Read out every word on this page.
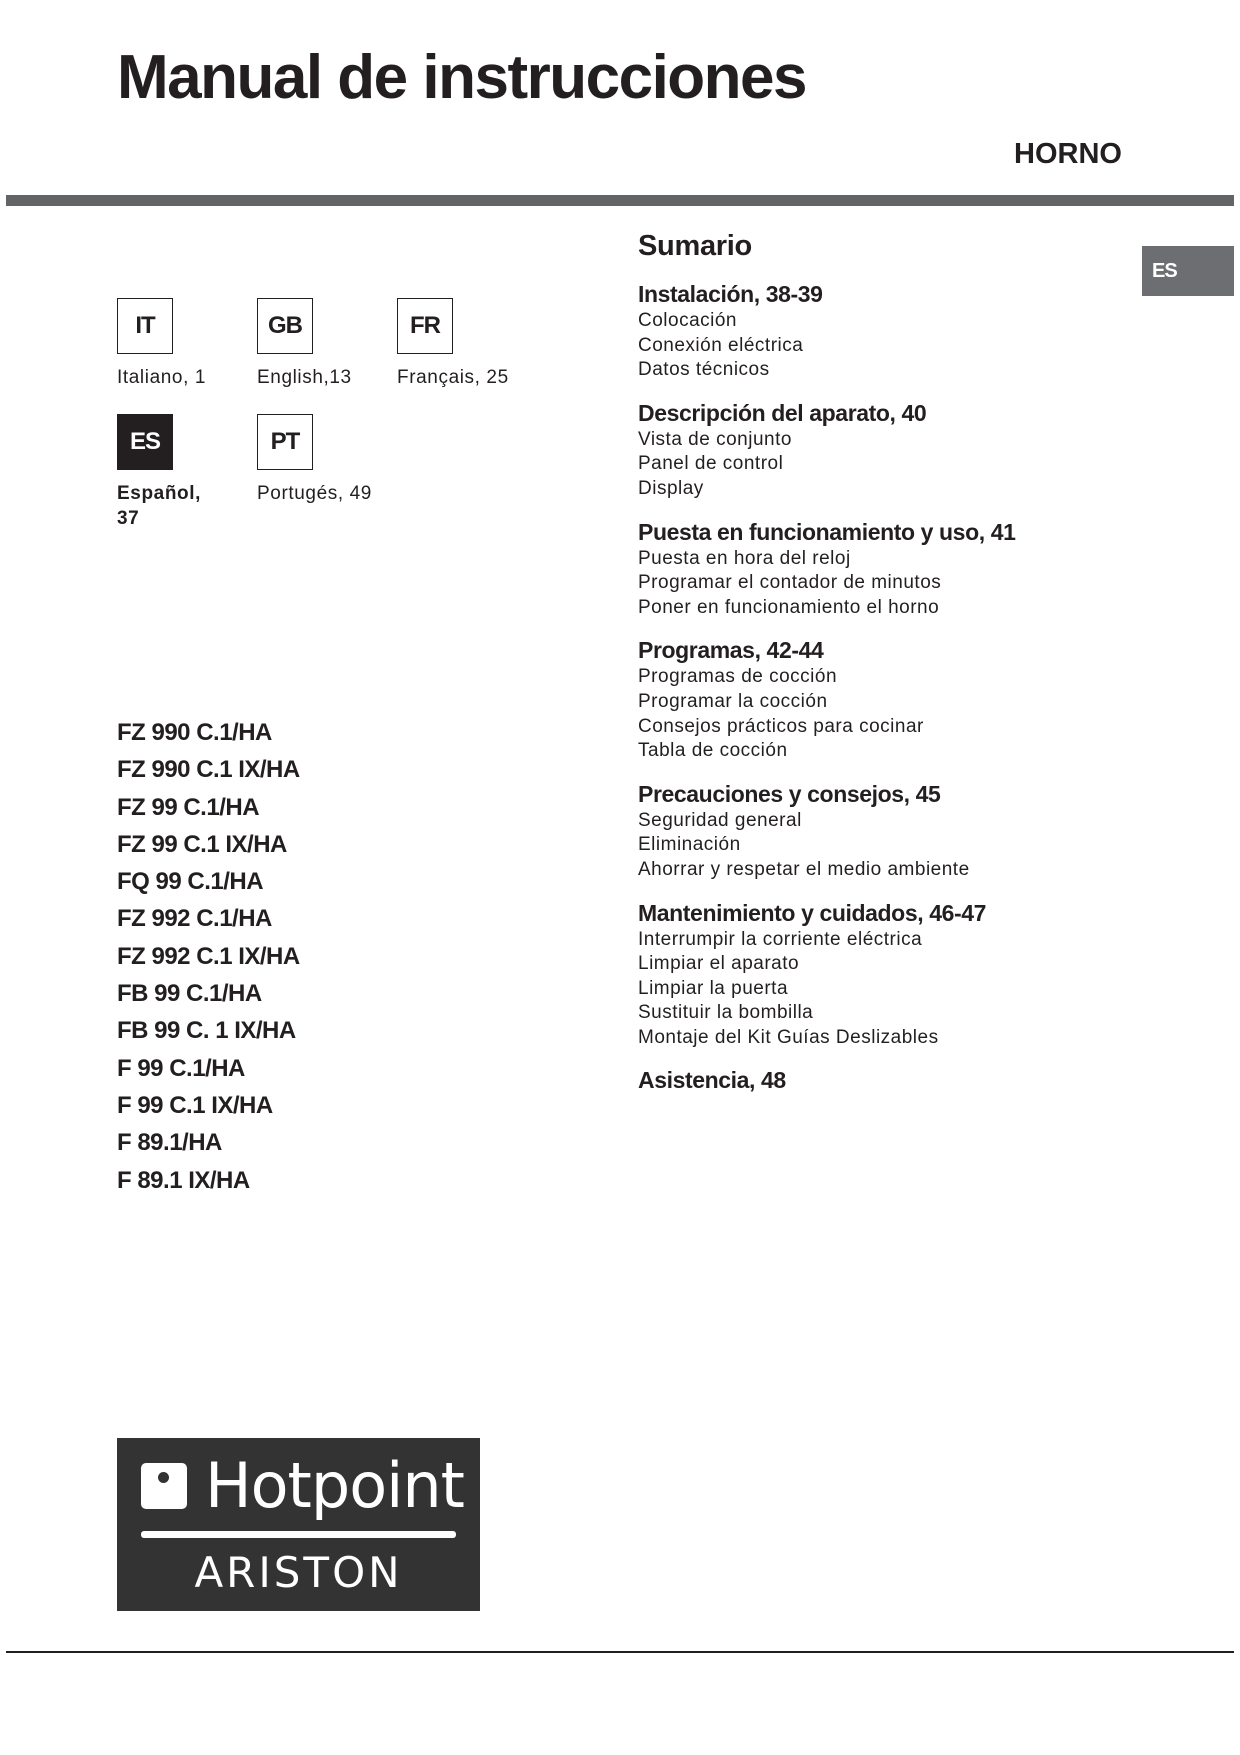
Manual de instrucciones
HORNO
ES
IT
Italiano, 1
GB
English,13
FR
Français, 25
ES
Español, 37
PT
Portugés, 49
FZ 990 C.1/HA
FZ 990 C.1 IX/HA
FZ 99 C.1/HA
FZ 99 C.1 IX/HA
FQ 99 C.1/HA
FZ 992 C.1/HA
FZ 992 C.1 IX/HA
FB 99 C.1/HA
FB 99 C. 1 IX/HA
F 99 C.1/HA
F 99 C.1 IX/HA
F 89.1/HA
F 89.1 IX/HA
Sumario
Instalación, 38-39
Colocación
Conexión eléctrica
Datos técnicos
Descripción del aparato, 40
Vista de conjunto
Panel de control
Display
Puesta en funcionamiento y uso, 41
Puesta en hora del reloj
Programar el contador de minutos
Poner en funcionamiento el horno
Programas, 42-44
Programas de cocción
Programar la cocción
Consejos prácticos para cocinar
Tabla de cocción
Precauciones y consejos, 45
Seguridad general
Eliminación
Ahorrar y respetar el medio ambiente
Mantenimiento y cuidados, 46-47
Interrumpir la corriente eléctrica
Limpiar el aparato
Limpiar la puerta
Sustituir la bombilla
Montaje del Kit Guías Deslizables
Asistencia, 48
Hotpoint
ARISTON
